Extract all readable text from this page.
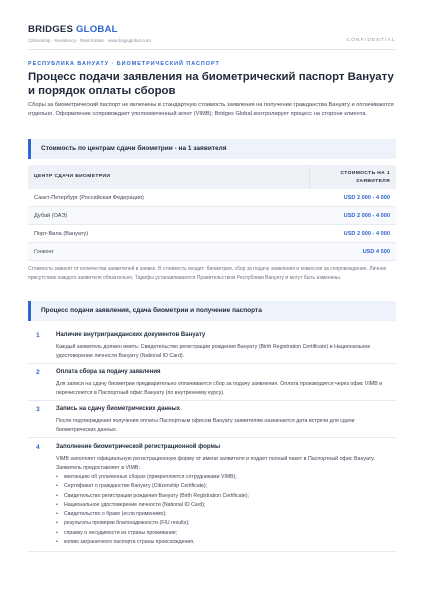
BRIDGES GLOBAL
Citizenship · Residency · Real Estate · www.bsgsglobal.com	CONFIDENTIAL
РЕСПУБЛИКА ВАНУАТУ · БИОМЕТРИЧЕСКИЙ ПАСПОРТ
Процесс подачи заявления на биометрический паспорт Вануату и порядок оплаты сборов
Сборы за биометрический паспорт не включены в стандартную стоимость заявления на получение гражданства Вануату и оплачиваются отдельно. Оформление сопровождает уполномоченный агент (VIMB); Bridges Global контролирует процесс на стороне клиента.
Стоимость по центрам сдачи биометрии - на 1 заявителя
ЦЕНТР СДАЧИ БИОМЕТРИИ
СТОИМОСТЬ НА 1 ЗАЯВИТЕЛЯ
Санкт-Петербург (Российская Федерация)	USD 2 000 - 4 000
Дубай (ОАЭ)	USD 2 000 - 4 000
Порт-Вила (Вануату)	USD 2 000 - 4 000
Гонконг	USD 4 500
Стоимость зависит от количества заявителей в заявке. В стоимость входит: биометрия, сбор за подачу заявления и комиссия за сопровождение. Личное присутствие каждого заявителя обязательно. Тарифы устанавливаются Правительством Республики Вануату и могут быть изменены.
Процесс подачи заявления, сдача биометрии и получение паспорта
1	Наличие внутригражданских документов Вануату
Каждый заявитель должен иметь: Свидетельство регистрации рождения Вануату (Birth Registration Certificate) и Национальное удостоверение личности Вануату (National ID Card).
2	Оплата сбора за подачу заявления
Для записи на сдачу биометрии предварительно оплачивается сбор за подачу заявления. Оплата производится через офис VIMB и перечисляется в Паспортный офис Вануату (по внутреннему курсу).
3	Запись на сдачу биометрических данных
После подтверждения получения оплаты Паспортным офисом Вануату заявителям назначается дата встречи для сдачи биометрических данных.
4	Заполнение биометрической регистрационной формы
VIMB заполняет официальную регистрационную форму от имени заявителя и подает полный пакет в Паспортный офис Вануату. Заявитель предоставляет в VIMB:
• квитанцию об уплаченных сборах (прикрепляется сотрудниками VIMB);
• Сертификат о гражданстве Вануату (Citizenship Certificate);
• Свидетельство регистрации рождения Вануату (Birth Registration Certificate);
• Национальное удостоверение личности (National ID Card);
• Свидетельство о браке (если применимо);
• результаты проверки благонадежности (FIU results);
• справку о несудимости из страны проживания;
• копию заграничного паспорта страны происхождения.
